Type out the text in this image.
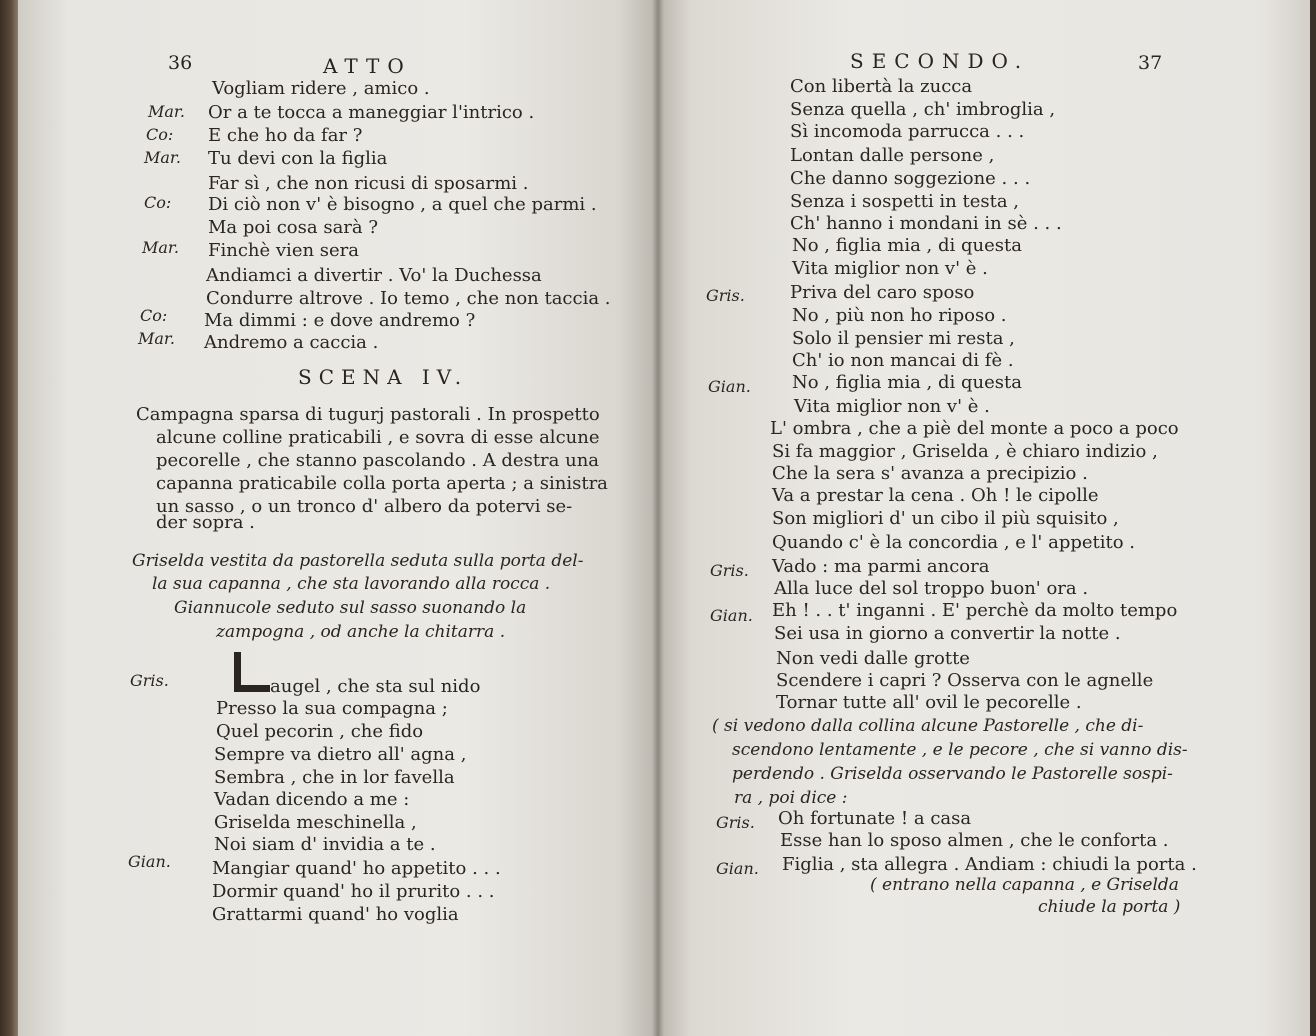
36	ATTO
Vogliam ridere , amico .
Mar. Or a te tocca a maneggiar l'intrico .
Co: E che ho da far ?
Mar. Tu devi con la figlia
Far sì , che non ricusi di sposarmi .
Co: Di ciò non v' è bisogno , a quel che parmi .
Ma poi cosa sarà ?
Mar. Finchè vien sera
Andiamci a divertir . Vo' la Duchessa
Condurre altrove . Io temo , che non taccia .
Co: Ma dimmi : e dove andremo ?
Mar. Andremo a caccia .
SCENA IV.
Campagna sparsa di tugurj pastorali . In prospetto
alcune colline praticabili , e sovra di esse alcune
pecorelle , che stanno pascolando . A destra una
capanna praticabile colla porta aperta ; a sinistra
un sasso , o un tronco d' albero da potervi se-
der sopra .
Griselda vestita da pastorella seduta sulla porta del-
la sua capanna , che sta lavorando alla rocca .
Giannucole seduto sul sasso suonando la
zampogna , od anche la chitarra .
Gris.	augel , che sta sul nido
Presso la sua compagna ;
Quel pecorin , che fido
Sempre va dietro all' agna ,
Sembra , che in lor favella
Vadan dicendo a me :
Griselda meschinella ,
Noi siam d' invidia a te .
Gian. Mangiar quand' ho appetito . . .
Dormir quand' ho il prurito . . .
Grattarmi quand' ho voglia
SECONDO.	37
Con libertà la zucca
Senza quella , ch' imbroglia ,
Sì incomoda parrucca . . .
Lontan dalle persone ,
Che danno soggezione . . .
Senza i sospetti in testa ,
Ch' hanno i mondani in sè . . .
No , figlia mia , di questa
Vita miglior non v' è .
Gris.	Priva del caro sposo
No , più non ho riposo .
Solo il pensier mi resta ,
Ch' io non mancai di fè .
Gian. No , figlia mia , di questa
Vita miglior non v' è .
L' ombra , che a piè del monte a poco a poco
Si fa maggior , Griselda , è chiaro indizio ,
Che la sera s' avanza a precipizio .
Va a prestar la cena . Oh ! le cipolle
Son migliori d' un cibo il più squisito ,
Quando c' è la concordia , e l' appetito .
Gris. Vado : ma parmi ancora
Alla luce del sol troppo buon' ora .
Gian. Eh ! . . t' inganni . E' perchè da molto tempo
Sei usa in giorno a convertir la notte .
Non vedi dalle grotte
Scendere i capri ? Osserva con le agnelle
Tornar tutte all' ovil le pecorelle .
( si vedono dalla collina alcune Pastorelle , che di-
scendono lentamente , e le pecore , che si vanno dis-
perdendo . Griselda osservando le Pastorelle sospi-
ra , poi dice :
Gris. Oh fortunate ! a casa
Esse han lo sposo almen , che le conforta .
Gian. Figlia , sta allegra . Andiam : chiudi la porta .
( entrano nella capanna , e Griselda
chiude la porta )
